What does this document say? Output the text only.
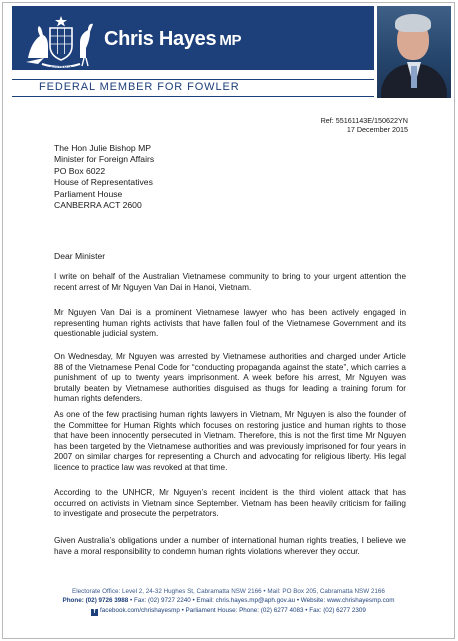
AUSTRALIA
Chris Hayes MP
FEDERAL MEMBER FOR FOWLER
Ref: 55161143E/150622YN
17 December 2015
The Hon Julie Bishop MP
Minister for Foreign Affairs
PO Box 6022
House of Representatives
Parliament House
CANBERRA ACT 2600
Dear Minister
I write on behalf of the Australian Vietnamese community to bring to your urgent attention the recent arrest of Mr Nguyen Van Dai in Hanoi, Vietnam.
Mr Nguyen Van Dai is a prominent Vietnamese lawyer who has been actively engaged in representing human rights activists that have fallen foul of the Vietnamese Government and its questionable judicial system.
On Wednesday, Mr Nguyen was arrested by Vietnamese authorities and charged under Article 88 of the Vietnamese Penal Code for “conducting propaganda against the state”, which carries a punishment of up to twenty years imprisonment. A week before his arrest, Mr Nguyen was brutally beaten by Vietnamese authorities disguised as thugs for leading a training forum for human rights defenders.
As one of the few practising human rights lawyers in Vietnam, Mr Nguyen is also the founder of the Committee for Human Rights which focuses on restoring justice and human rights to those that have been innocently persecuted in Vietnam. Therefore, this is not the first time Mr Nguyen has been targeted by the Vietnamese authorities and was previously imprisoned for four years in 2007 on similar charges for representing a Church and advocating for religious liberty. His legal licence to practice law was revoked at that time.
According to the UNHCR, Mr Nguyen’s recent incident is the third violent attack that has occurred on activists in Vietnam since September. Vietnam has been heavily criticism for failing to investigate and prosecute the perpetrators.
Given Australia’s obligations under a number of international human rights treaties, I believe we have a moral responsibility to condemn human rights violations wherever they occur.
Electorate Office: Level 2, 24-32 Hughes St, Cabramatta NSW 2166 • Mail: PO Box 205, Cabramatta NSW 2166
Phone: (02) 9726 3988 • Fax: (02) 9727 2240 • Email: chris.hayes.mp@aph.gov.au • Website: www.chrishayesmp.com
f facebook.com/chrishayesmp • Parliament House: Phone: (02) 6277 4083 • Fax: (02) 6277 2309
